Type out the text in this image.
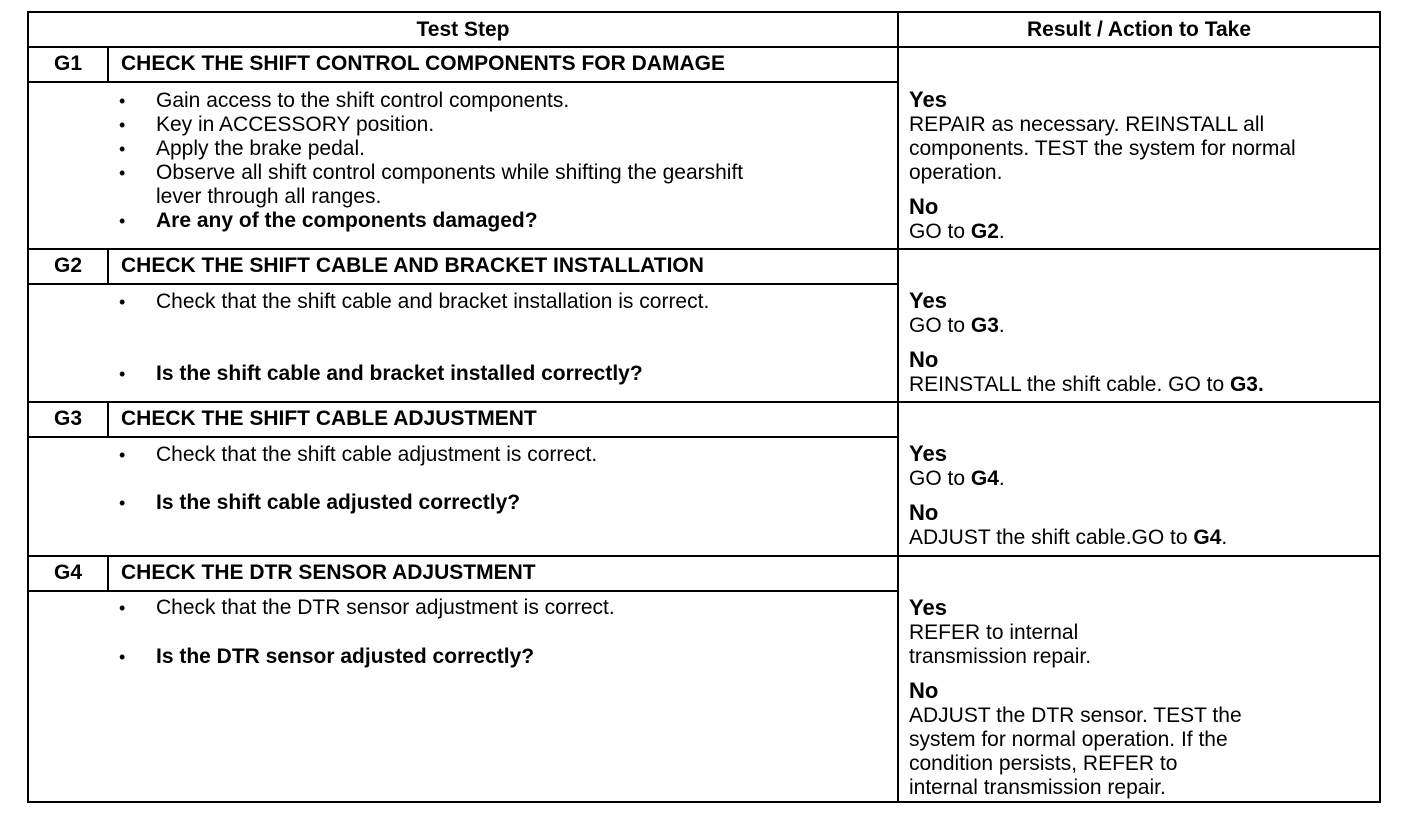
Test Step	Result / Action to Take
G1	CHECK THE SHIFT CONTROL COMPONENTS FOR DAMAGE
• Gain access to the shift control components.
• Key in ACCESSORY position.
• Apply the brake pedal.
• Observe all shift control components while shifting the gearshift
lever through all ranges.
• Are any of the components damaged?
Yes
REPAIR as necessary. REINSTALL all
components. TEST the system for normal
operation.
No
GO to G2.
G2	CHECK THE SHIFT CABLE AND BRACKET INSTALLATION
• Check that the shift cable and bracket installation is correct.
• Is the shift cable and bracket installed correctly?
Yes
GO to G3.
No
REINSTALL the shift cable. GO to G3.
G3	CHECK THE SHIFT CABLE ADJUSTMENT
• Check that the shift cable adjustment is correct.
• Is the shift cable adjusted correctly?
Yes
GO to G4.
No
ADJUST the shift cable.GO to G4.
G4	CHECK THE DTR SENSOR ADJUSTMENT
• Check that the DTR sensor adjustment is correct.
• Is the DTR sensor adjusted correctly?
Yes
REFER to internal
transmission repair.
No
ADJUST the DTR sensor. TEST the
system for normal operation. If the
condition persists, REFER to
internal transmission repair.
